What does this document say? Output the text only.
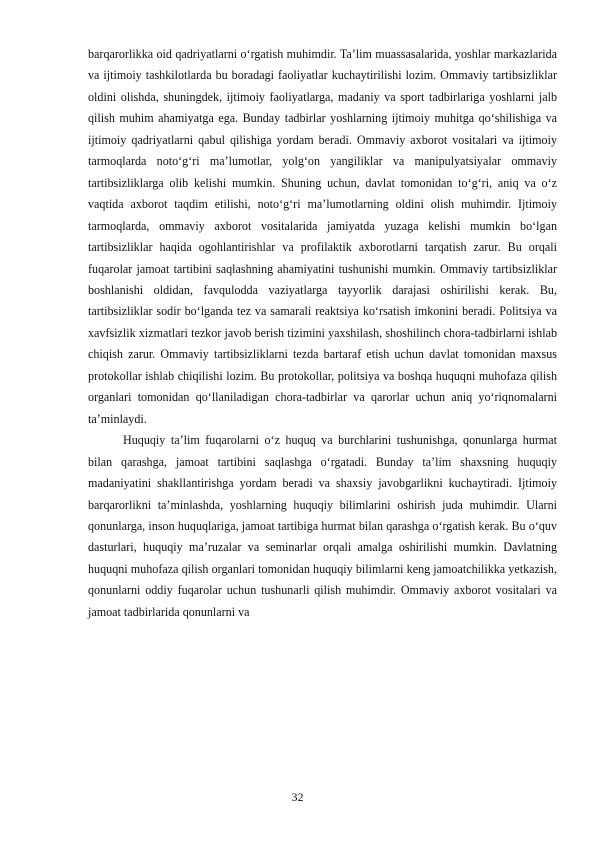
barqarorlikka oid qadriyatlarni oʻrgatish muhimdir. Taʼlim muassasalarida, yoshlar markazlarida va ijtimoiy tashkilotlarda bu boradagi faoliyatlar kuchaytirilishi lozim. Ommaviy tartibsizliklar oldini olishda, shuningdek, ijtimoiy faoliyatlarga, madaniy va sport tadbirlariga yoshlarni jalb qilish muhim ahamiyatga ega. Bunday tadbirlar yoshlarning ijtimoiy muhitga qoʻshilishiga va ijtimoiy qadriyatlarni qabul qilishiga yordam beradi. Ommaviy axborot vositalari va ijtimoiy tarmoqlarda notoʻgʻri maʼlumotlar, yolgʻon yangiliklar va manipulyatsiyalar ommaviy tartibsizliklarga olib kelishi mumkin. Shuning uchun, davlat tomonidan toʻgʻri, aniq va oʻz vaqtida axborot taqdim etilishi, notoʻgʻri maʼlumotlarning oldini olish muhimdir. Ijtimoiy tarmoqlarda, ommaviy axborot vositalarida jamiyatda yuzaga kelishi mumkin boʻlgan tartibsizliklar haqida ogohlantirishlar va profilaktik axborotlarni tarqatish zarur. Bu orqali fuqarolar jamoat tartibini saqlashning ahamiyatini tushunishi mumkin. Ommaviy tartibsizliklar boshlanishi oldidan, favqulodda vaziyatlarga tayyorlik darajasi oshirilishi kerak. Bu, tartibsizliklar sodir boʻlganda tez va samarali reaktsiya koʻrsatish imkonini beradi. Politsiya va xavfsizlik xizmatlari tezkor javob berish tizimini yaxshilash, shoshilinch chora-tadbirlarni ishlab chiqish zarur. Ommaviy tartibsizliklarni tezda bartaraf etish uchun davlat tomonidan maxsus protokollar ishlab chiqilishi lozim. Bu protokollar, politsiya va boshqa huquqni muhofaza qilish organlari tomonidan qoʻllaniladigan chora-tadbirlar va qarorlar uchun aniq yoʻriqnomalarni taʼminlaydi.

Huquqiy taʼlim fuqarolarni oʻz huquq va burchlarini tushunishga, qonunlarga hurmat bilan qarashga, jamoat tartibini saqlashga oʻrgatadi. Bunday taʼlim shaxsning huquqiy madaniyatini shakllantirishga yordam beradi va shaxsiy javobgarlikni kuchaytiradi. Ijtimoiy barqarorlikni taʼminlashda, yoshlarning huquqiy bilimlarini oshirish juda muhimdir. Ularni qonunlarga, inson huquqlariga, jamoat tartibiga hurmat bilan qarashga oʻrgatish kerak. Bu oʻquv dasturlari, huquqiy maʼruzalar va seminarlar orqali amalga oshirilishi mumkin. Davlatning huquqni muhofaza qilish organlari tomonidan huquqiy bilimlarni keng jamoatchilikka yetkazish, qonunlarni oddiy fuqarolar uchun tushunarli qilish muhimdir. Ommaviy axborot vositalari va jamoat tadbirlarida qonunlarni va

32
